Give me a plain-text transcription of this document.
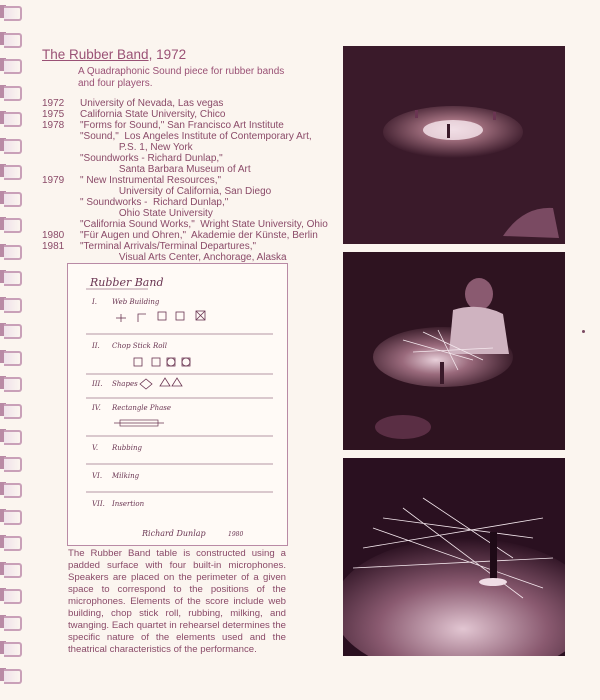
The Rubber Band, 1972
A Quadraphonic Sound piece for rubber bands and four players.
1972	University of Nevada, Las vegas
1975	California State University, Chico
1978	"Forms for Sound," San Francisco Art Institute
"Sound,"  Los Angeles Institute of Contemporary Art,
P.S. 1, New York
"Soundworks - Richard Dunlap,"
Santa Barbara Museum of Art
1979	" New Instrumental Resources,"
University of California, San Diego
" Soundworks -  Richard Dunlap,"
Ohio State University
"California Sound Works,"  Wright State University, Ohio
1980	"Für Augen und Ohren,"  Akademie der Künste, Berlin
1981	"Terminal Arrivals/Terminal Departures,"
Visual Arts Center, Anchorage, Alaska
Rubber Band
I. Web Building
II. Chop Stick Roll
III. Shapes
IV. Rectangle Phase
V. Rubbing
VI. Milking
VII. Insertion
Richard Dunlap	1980
The Rubber Band table is constructed using a padded surface with four built-in microphones. Speakers are placed on the perimeter of a given space to correspond to the positions of the microphones. Elements of the score include web building, chop stick roll, rubbing, milking, and twanging. Each quartet in rehearsel determines the specific nature of the elements used and the theatrical characteristics of the performance.
